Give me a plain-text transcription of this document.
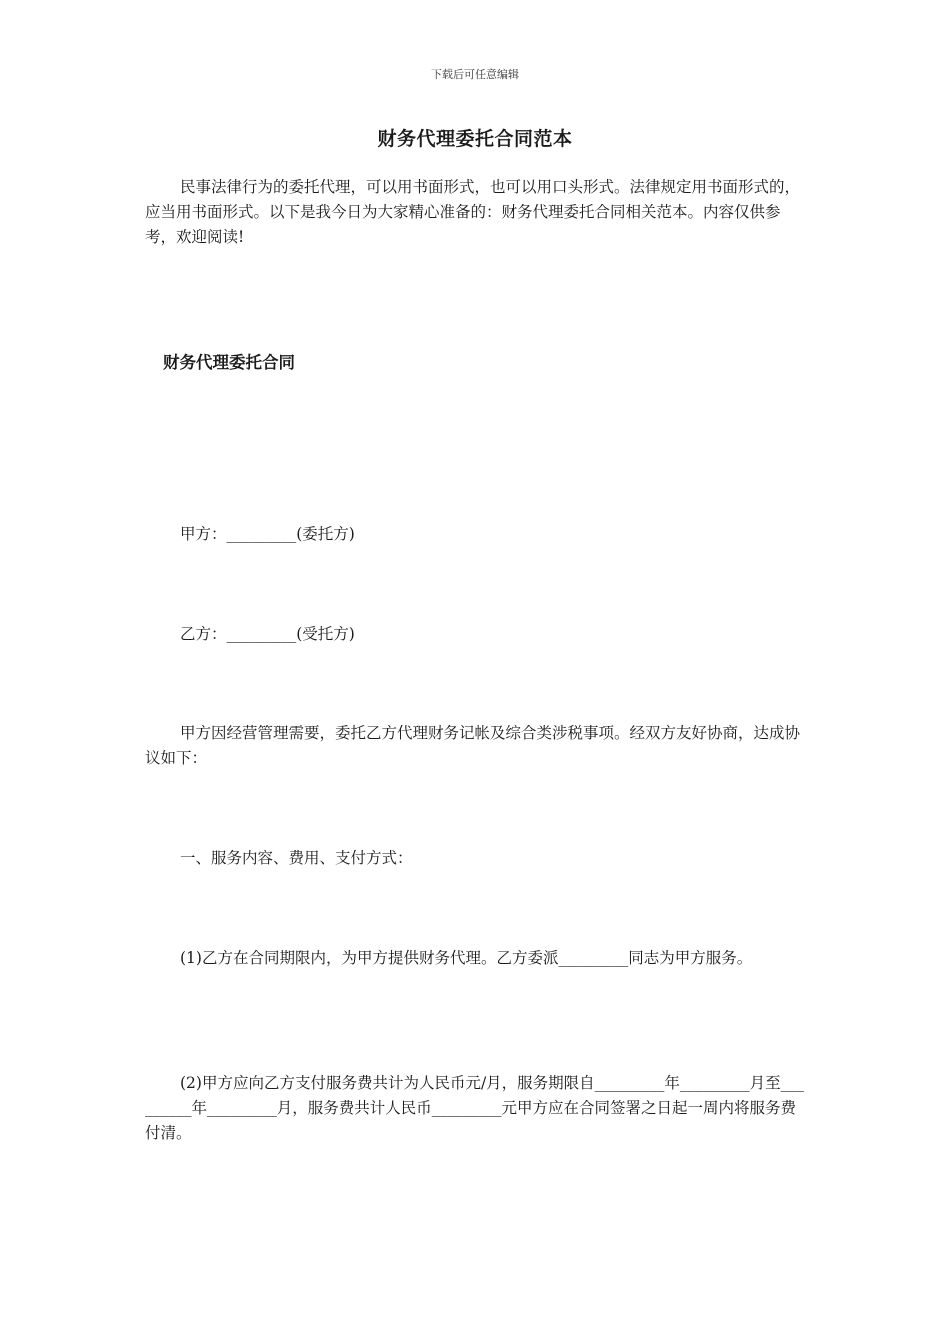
下载后可任意编辑
财务代理委托合同范本

民事法律行为的委托代理，可以用书面形式，也可以用口头形式。法律规定用书面形式的，应当用书面形式。以下是我今日为大家精心准备的：财务代理委托合同相关范本。内容仅供参考，欢迎阅读!

财务代理委托合同

甲方：_________(委托方)

乙方：_________(受托方)

甲方因经营管理需要，委托乙方代理财务记帐及综合类涉税事项。经双方友好协商，达成协议如下：

一、服务内容、费用、支付方式：

(1)乙方在合同期限内，为甲方提供财务代理。乙方委派_________同志为甲方服务。

(2)甲方应向乙方支付服务费共计为人民币元/月，服务期限自_________年_________月至_________年_________月，服务费共计人民币_________元甲方应在合同签署之日起一周内将服务费付清。
